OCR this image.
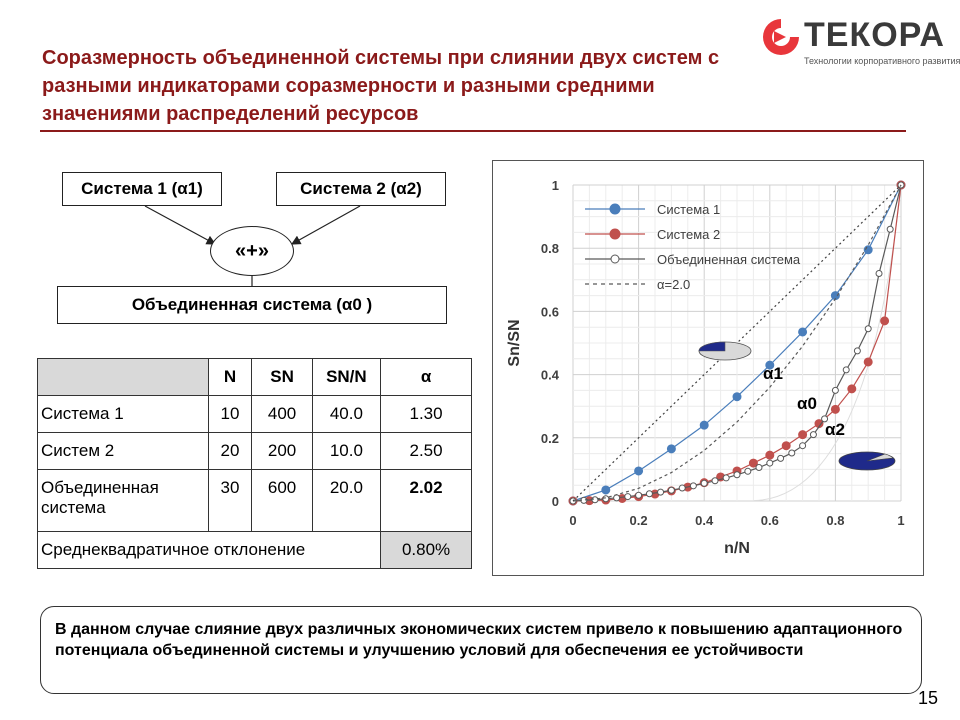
Соразмерность объединенной системы при слиянии двух систем с разными индикаторами соразмерности и разными средними значениями распределений ресурсов
ТЕКОРА
Технологии корпоративного развития
Система 1 (α1)	Система 2 (α2)
«+»
Объединенная система (α0 )
	N	SN	SN/N	α
Система 1	10	400	40.0	1.30
Систем 2	20	200	10.0	2.50
Объединенная система	30	600	20.0	2.02
Среднеквадратичное отклонение				0.80%
0	0.2	0.4	0.6	0.8	1
0
0.2
0.4
0.6
0.8
1
n/N
Sn/SN
Система 1
Система 2
Объединенная система
α=2.0
α1
α0
α2
В данном случае слияние двух различных экономических систем привело к повышению адаптационного потенциала объединенной системы и улучшению условий для обеспечения ее устойчивости
15
